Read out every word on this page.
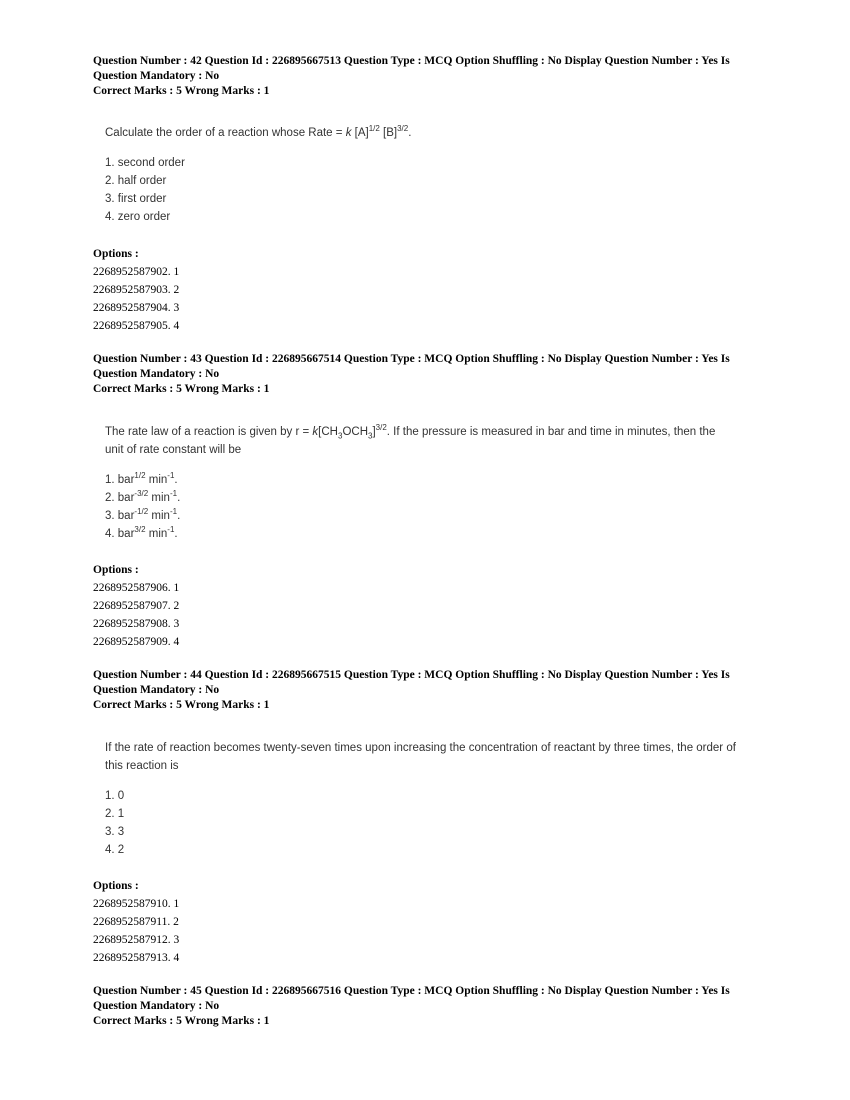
Question Number : 42 Question Id : 226895667513 Question Type : MCQ Option Shuffling : No Display Question Number : Yes Is Question Mandatory : No

Correct Marks : 5 Wrong Marks : 1

Calculate the order of a reaction whose Rate = k $[A]^{1/2}$ $[B]^{3/2}$.

1. second order
2. half order
3. first order
4. zero order

Options :

2268952587902. 1

2268952587903. 2

2268952587904. 3

2268952587905. 4

Question Number : 43 Question Id : 226895667514 Question Type : MCQ Option Shuffling : No Display Question Number : Yes Is Question Mandatory : No

Correct Marks : 5 Wrong Marks : 1

The rate law of a reaction is given by $r = k[CH_3OCH_3]^{3/2}$. If the pressure is measured in bar and time in minutes, then the unit of rate constant will be

1. bar$^{1/2}$ $\min^{-1}$.
2. bar$^{-3/2}$ $\min^{-1}$.
3. bar$^{-1/2}$ $\min^{-1}$.
4. bar$^{3/2}$ $\min^{-1}$.

Options :

2268952587906. 1

2268952587907. 2

2268952587908. 3

2268952587909. 4

Question Number : 44 Question Id : 226895667515 Question Type : MCQ Option Shuffling : No Display Question Number : Yes Is Question Mandatory : No

Correct Marks : 5 Wrong Marks : 1

If the rate of reaction becomes twenty-seven times upon increasing the concentration of reactant by three times, the order of this reaction is

1. 0
2. 1
3. 3
4. 2

Options :

2268952587910. 1

2268952587911. 2

2268952587912. 3

2268952587913. 4

Question Number : 45 Question Id : 226895667516 Question Type : MCQ Option Shuffling : No Display Question Number : Yes Is Question Mandatory : No

Correct Marks : 5 Wrong Marks : 1
